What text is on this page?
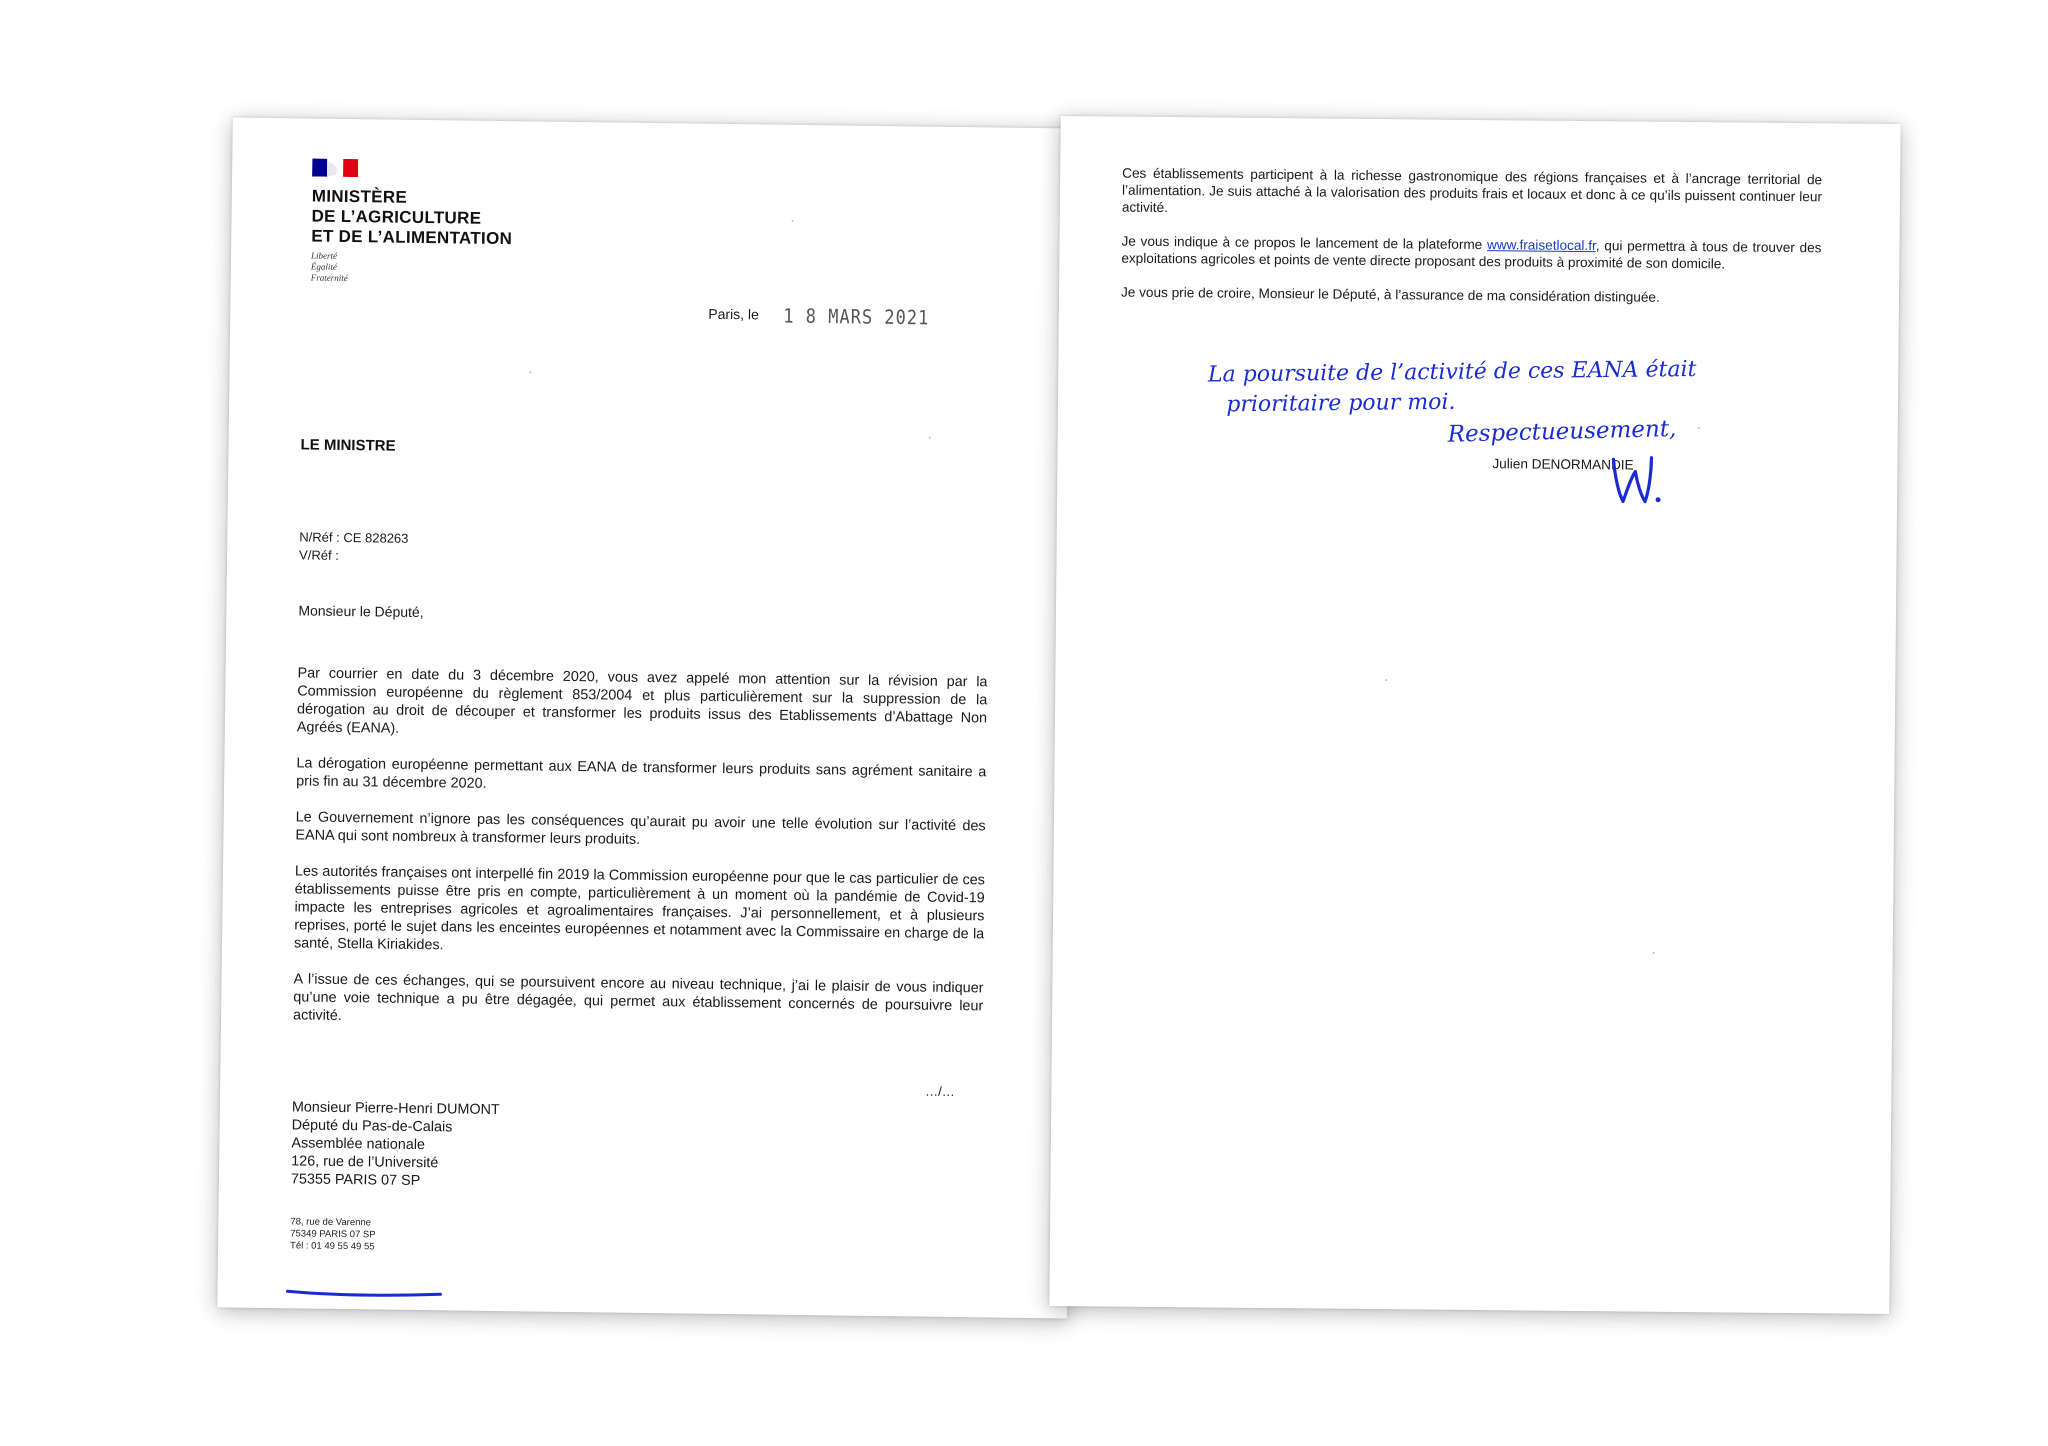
MINISTÈRE
DE L’AGRICULTURE
ET DE L’ALIMENTATION
Liberté
Égalité
Fraternité
Paris, le 1 8 MARS 2021
LE MINISTRE
N/Réf : CE 828263
V/Réf :
Monsieur le Député,

Par courrier en date du 3 décembre 2020, vous avez appelé mon attention sur la révision par la Commission européenne du règlement 853/2004 et plus particulièrement sur la suppression de la dérogation au droit de découper et transformer les produits issus des Etablissements d’Abattage Non Agréés (EANA).

La dérogation européenne permettant aux EANA de transformer leurs produits sans agrément sanitaire a pris fin au 31 décembre 2020.

Le Gouvernement n’ignore pas les conséquences qu’aurait pu avoir une telle évolution sur l’activité des EANA qui sont nombreux à transformer leurs produits.

Les autorités françaises ont interpellé fin 2019 la Commission européenne pour que le cas particulier de ces établissements puisse être pris en compte, particulièrement à un moment où la pandémie de Covid-19 impacte les entreprises agricoles et agroalimentaires françaises. J’ai personnellement, et à plusieurs reprises, porté le sujet dans les enceintes européennes et notamment avec la Commissaire en charge de la santé, Stella Kiriakides.

A l’issue de ces échanges, qui se poursuivent encore au niveau technique, j’ai le plaisir de vous indiquer qu’une voie technique a pu être dégagée, qui permet aux établissement concernés de poursuivre leur activité.

…/…
Monsieur Pierre-Henri DUMONT
Député du Pas-de-Calais
Assemblée nationale
126, rue de l’Université
75355 PARIS 07 SP
78, rue de Varenne
75349 PARIS 07 SP
Tél : 01 49 55 49 55

Ces établissements participent à la richesse gastronomique des régions françaises et à l’ancrage territorial de l’alimentation. Je suis attaché à la valorisation des produits frais et locaux et donc à ce qu’ils puissent continuer leur activité.

Je vous indique à ce propos le lancement de la plateforme www.fraisetlocal.fr, qui permettra à tous de trouver des exploitations agricoles et points de vente directe proposant des produits à proximité de son domicile.

Je vous prie de croire, Monsieur le Député, à l’assurance de ma considération distinguée.

La poursuite de l’activité de ces EANA était
prioritaire pour moi.
Respectueusement,
Julien DENORMANDIE
